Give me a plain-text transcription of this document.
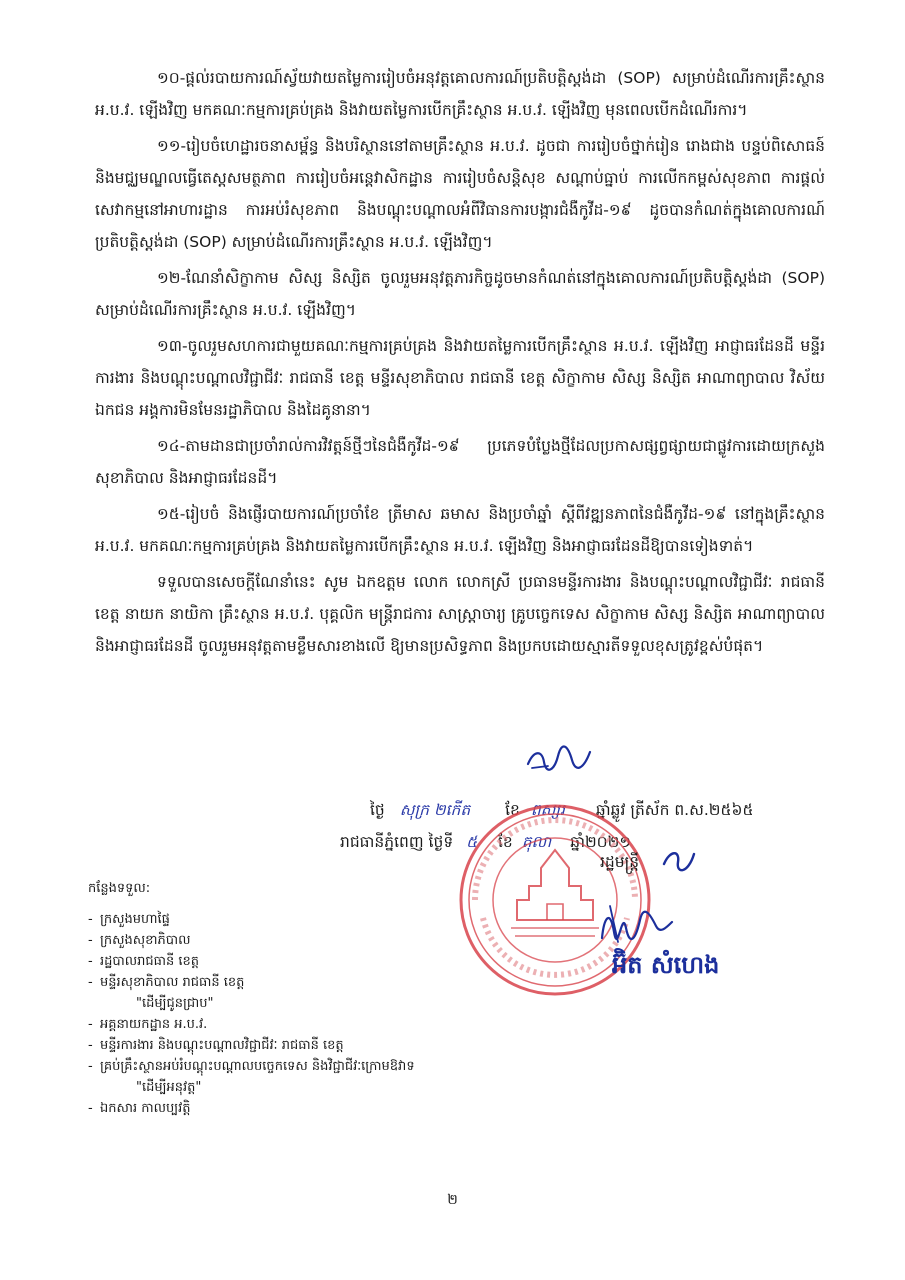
១០-ផ្តល់របាយការណ៍ស្វ័យវាយតម្លៃការរៀបចំអនុវត្តគោលការណ៍ប្រតិបត្តិស្តង់ដា (SOP) សម្រាប់ដំណើរការគ្រឹះស្ថាន អ.ប.វ. ឡើងវិញ មកគណៈកម្មការគ្រប់គ្រង និងវាយតម្លៃការបើកគ្រឹះស្ថាន អ.ប.វ. ឡើងវិញ មុនពេលបើកដំណើរការ។

១១-រៀបចំហេដ្ឋារចនាសម្ព័ន្ធ និងបរិស្ថាននៅតាមគ្រឹះស្ថាន អ.ប.វ. ដូចជា ការរៀបចំថ្នាក់រៀន រោងជាង បន្ទប់ពិសោធន៍ និងមជ្ឈមណ្ឌលធ្វើតេស្តសមត្ថភាព ការរៀបចំអន្តេវាសិកដ្ឋាន ការរៀបចំសន្តិសុខ សណ្តាប់ធ្នាប់ ការលើកកម្ពស់សុខភាព ការផ្តល់សេវាកម្មនៅអាហារដ្ឋាន ការអប់រំសុខភាព និងបណ្តុះបណ្តាលអំពីវិធានការបង្ការជំងឺកូវីដ-១៩ ដូចបានកំណត់ក្នុងគោលការណ៍ប្រតិបត្តិស្តង់ដា (SOP) សម្រាប់ដំណើរការគ្រឹះស្ថាន អ.ប.វ. ឡើងវិញ។

១២-ណែនាំសិក្ខាកាម សិស្ស និស្សិត ចូលរួមអនុវត្តភារកិច្ចដូចមានកំណត់នៅក្នុងគោលការណ៍ប្រតិបត្តិស្តង់ដា (SOP) សម្រាប់ដំណើរការគ្រឹះស្ថាន អ.ប.វ. ឡើងវិញ។

១៣-ចូលរួមសហការជាមួយគណៈកម្មការគ្រប់គ្រង និងវាយតម្លៃការបើកគ្រឹះស្ថាន អ.ប.វ. ឡើងវិញ អាជ្ញាធរដែនដី មន្ទីរការងារ និងបណ្តុះបណ្តាលវិជ្ជាជីវៈ រាជធានី ខេត្ត មន្ទីរសុខាភិបាល រាជធានី ខេត្ត សិក្ខាកាម សិស្ស និស្សិត អាណាព្យាបាល វិស័យឯកជន អង្គការមិនមែនរដ្ឋាភិបាល និងដៃគូនានា។

១៤-តាមដានជាប្រចាំរាល់ការវិវត្តន៍ថ្មីៗនៃជំងឺកូវីដ-១៩ ប្រភេទបំប្លែងថ្មីដែលប្រកាសផ្សព្វផ្សាយជាផ្លូវការដោយក្រសួងសុខាភិបាល និងអាជ្ញាធរដែនដី។

១៥-រៀបចំ និងផ្ញើរបាយការណ៍ប្រចាំខែ ត្រីមាស ឆមាស និងប្រចាំឆ្នាំ ស្តីពីវឌ្ឍនភាពនៃជំងឺកូវីដ-១៩ នៅក្នុងគ្រឹះស្ថាន អ.ប.វ. មកគណៈកម្មការគ្រប់គ្រង និងវាយតម្លៃការបើកគ្រឹះស្ថាន អ.ប.វ. ឡើងវិញ និងអាជ្ញាធរដែនដីឱ្យបានទៀងទាត់។

ទទួលបានសេចក្តីណែនាំនេះ សូម ឯកឧត្តម លោក លោកស្រី ប្រធានមន្ទីរការងារ និងបណ្តុះបណ្តាលវិជ្ជាជីវៈ រាជធានី ខេត្ត នាយក នាយិកា គ្រឹះស្ថាន អ.ប.វ. បុគ្គលិក មន្ត្រីរាជការ សាស្ត្រាចារ្យ គ្រូបច្ចេកទេស សិក្ខាកាម សិស្ស និស្សិត អាណាព្យាបាល និងអាជ្ញាធរដែនដី ចូលរួមអនុវត្តតាមខ្លឹមសារខាងលើ ឱ្យមានប្រសិទ្ធភាព និងប្រកបដោយស្មារតីទទួលខុសត្រូវខ្ពស់បំផុត។

ថ្ងៃ សុក្រ ២កើត ខែ ពស្សរ ឆ្នាំឆ្លូវ ត្រីស័ក ព.ស.២៥៦៥
រាជធានីភ្នំពេញ ថ្ងៃទី ៥ ខែ តុលា ឆ្នាំ២០២១
រដ្ឋមន្ត្រី
អ៊ិត សំហេង

កន្លែងទទួល:

- ក្រសួងមហាផ្ទៃ
- ក្រសួងសុខាភិបាល
- រដ្ឋបាលរាជធានី ខេត្ត
- មន្ទីរសុខាភិបាល រាជធានី ខេត្ត
"ដើម្បីជូនជ្រាប"
- អគ្គនាយកដ្ឋាន អ.ប.វ.
- មន្ទីរការងារ និងបណ្តុះបណ្តាលវិជ្ជាជីវៈ រាជធានី ខេត្ត
- គ្រប់គ្រឹះស្ថានអប់រំបណ្តុះបណ្តាលបច្ចេកទេស និងវិជ្ជាជីវៈក្រោមឱវាទ
"ដើម្បីអនុវត្ត"
- ឯកសារ កាលប្បវត្តិ
២
